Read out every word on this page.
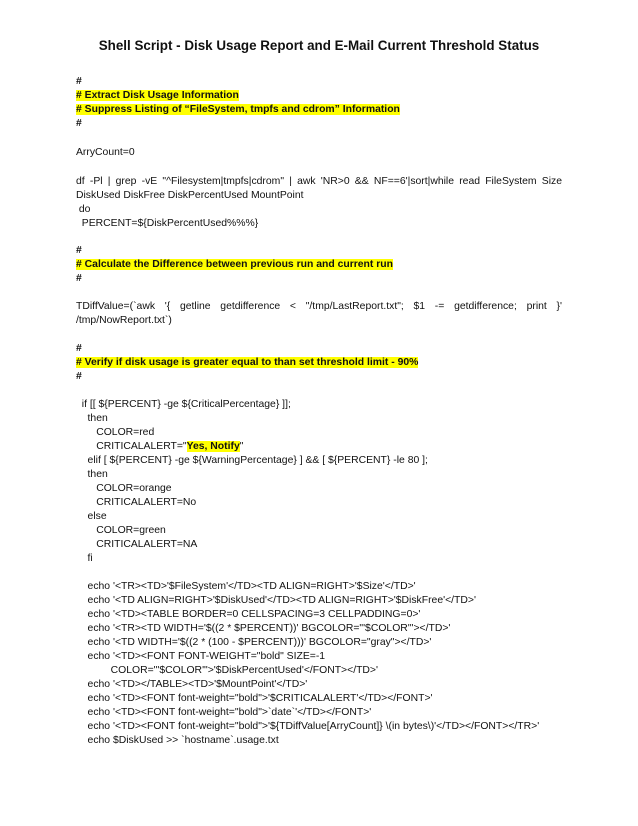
Shell Script - Disk Usage Report and E-Mail Current Threshold Status
#
# Extract Disk Usage Information
# Suppress Listing of “FileSystem, tmpfs and cdrom” Information
#
ArryCount=0
df -Pl | grep -vE "^Filesystem|tmpfs|cdrom" | awk 'NR>0 && NF==6'|sort|while read FileSystem Size
DiskUsed DiskFree DiskPercentUsed MountPoint
do
PERCENT=${DiskPercentUsed%%%}
#
# Calculate the Difference between previous run and current run
#
TDiffValue=(`awk '{ getline getdifference < "/tmp/LastReport.txt"; $1 -= getdifference; print }'
/tmp/NowReport.txt`)
#
# Verify if disk usage is greater equal to than set threshold limit - 90%
#
if [[ ${PERCENT} -ge ${CriticalPercentage} ]];
then
COLOR=red
CRITICALALERT="Yes, Notify"
elif [ ${PERCENT} -ge ${WarningPercentage} ] && [ ${PERCENT} -le 80 ];
then
COLOR=orange
CRITICALALERT=No
else
COLOR=green
CRITICALALERT=NA
fi
echo '<TR><TD>'$FileSystem'</TD><TD ALIGN=RIGHT>'$Size'</TD>'
echo '<TD ALIGN=RIGHT>'$DiskUsed'</TD><TD ALIGN=RIGHT>'$DiskFree'</TD>'
echo '<TD><TABLE BORDER=0 CELLSPACING=3 CELLPADDING=0>'
echo '<TR><TD WIDTH='$((2 * $PERCENT))' BGCOLOR="'$COLOR'"></TD>'
echo '<TD WIDTH='$((2 * (100 - $PERCENT)))' BGCOLOR="gray"></TD>'
echo '<TD><FONT FONT-WEIGHT="bold" SIZE=-1
COLOR="'$COLOR'">'$DiskPercentUsed'</FONT></TD>'
echo '<TD></TABLE><TD>'$MountPoint'</TD>'
echo '<TD><FONT font-weight="bold">'$CRITICALALERT'</TD></FONT>'
echo '<TD><FONT font-weight="bold">`date`'</TD></FONT>'
echo '<TD><FONT font-weight="bold">'${TDiffValue[ArryCount]} \(in bytes\)'</TD></FONT></TR>'
echo $DiskUsed >> `hostname`.usage.txt
